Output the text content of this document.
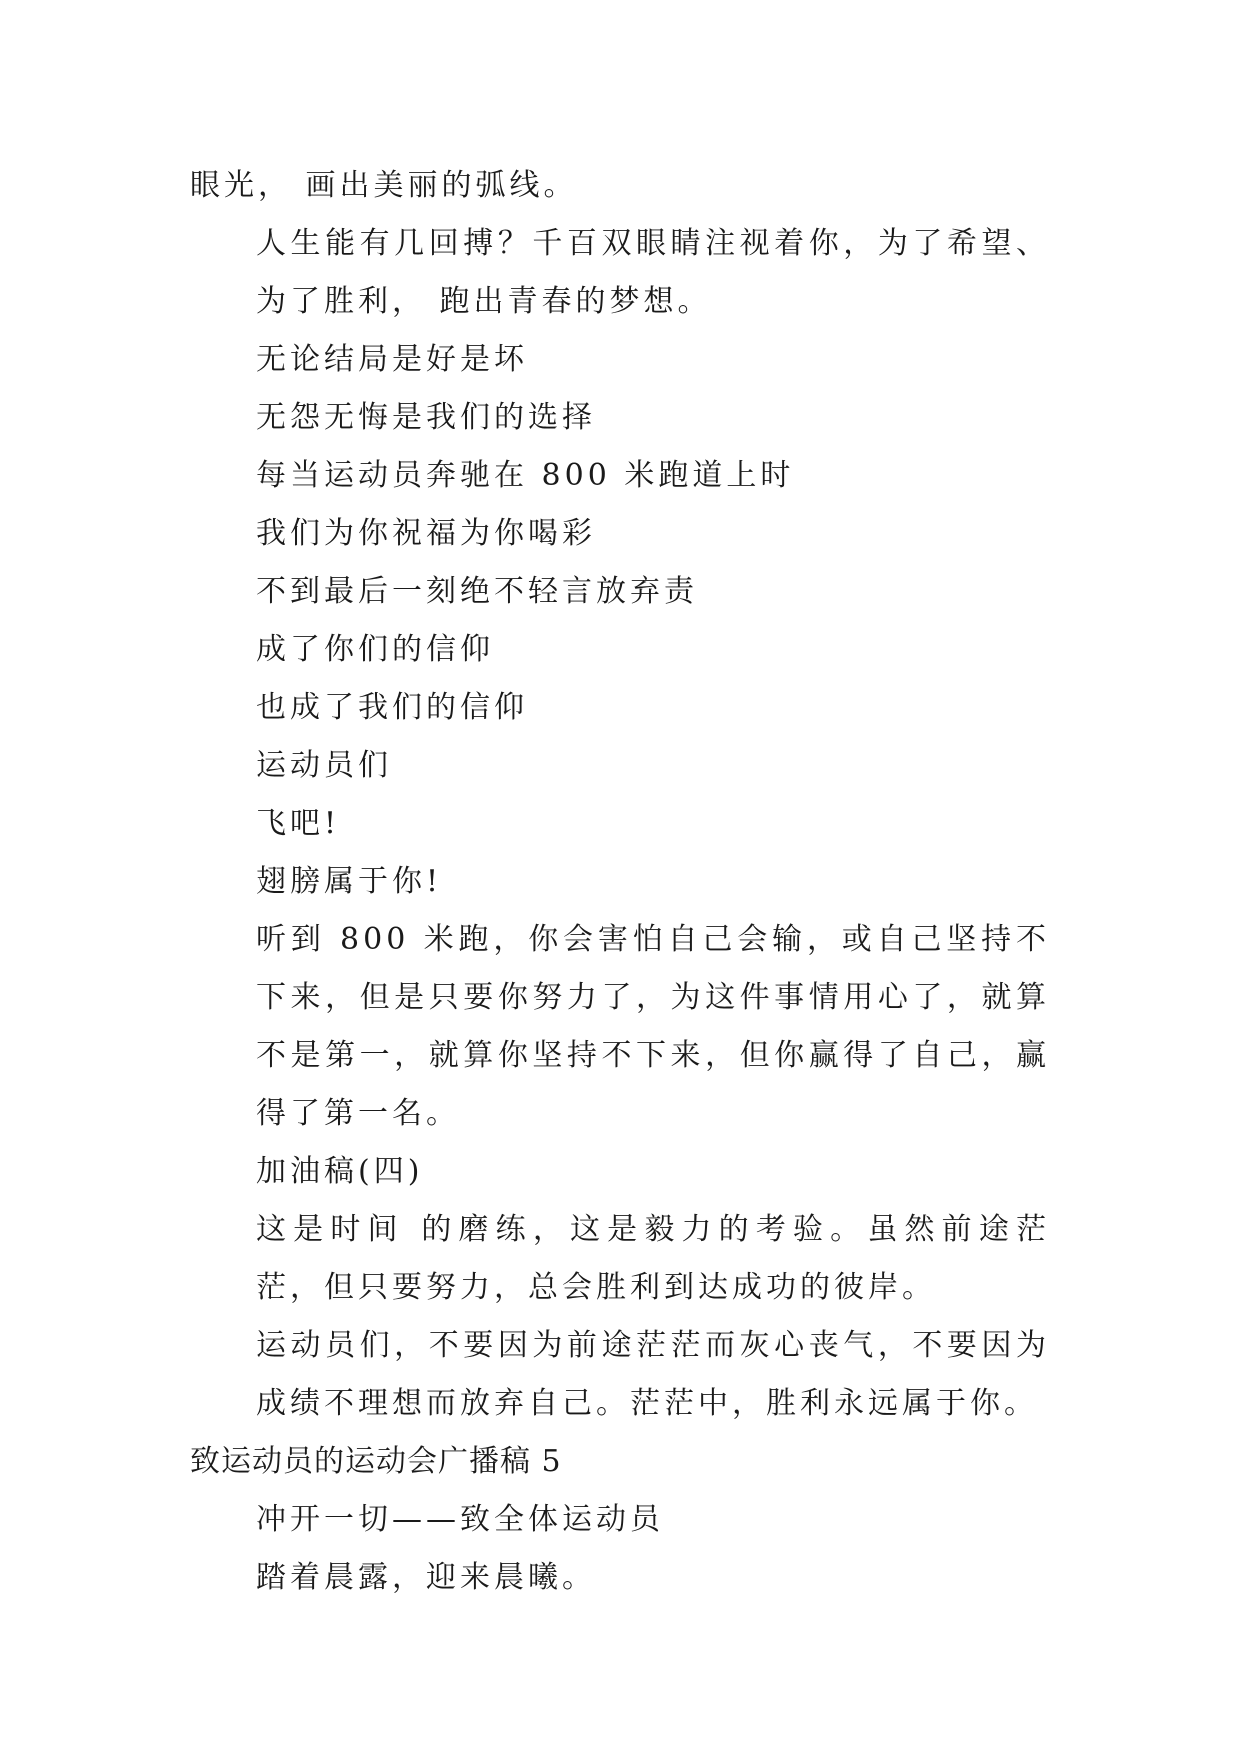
眼光， 画出美丽的弧线。

人生能有几回搏？千百双眼睛注视着你，为了希望、为了胜利， 跑出青春的梦想。

无论结局是好是坏

无怨无悔是我们的选择

每当运动员奔驰在 800 米跑道上时

我们为你祝福为你喝彩

不到最后一刻绝不轻言放弃责

成了你们的信仰

也成了我们的信仰

运动员们

飞吧!

翅膀属于你!

听到 800 米跑，你会害怕自己会输，或自己坚持不下来，但是只要你努力了，为这件事情用心了，就算不是第一，就算你坚持不下来，但你赢得了自己，赢得了第一名。

加油稿(四)

这是时间 的磨练，这是毅力的考验。虽然前途茫茫，但只要努力，总会胜利到达成功的彼岸。

运动员们，不要因为前途茫茫而灰心丧气，不要因为成绩不理想而放弃自己。茫茫中，胜利永远属于你。

致运动员的运动会广播稿 5

冲开一切——致全体运动员

踏着晨露，迎来晨曦。
